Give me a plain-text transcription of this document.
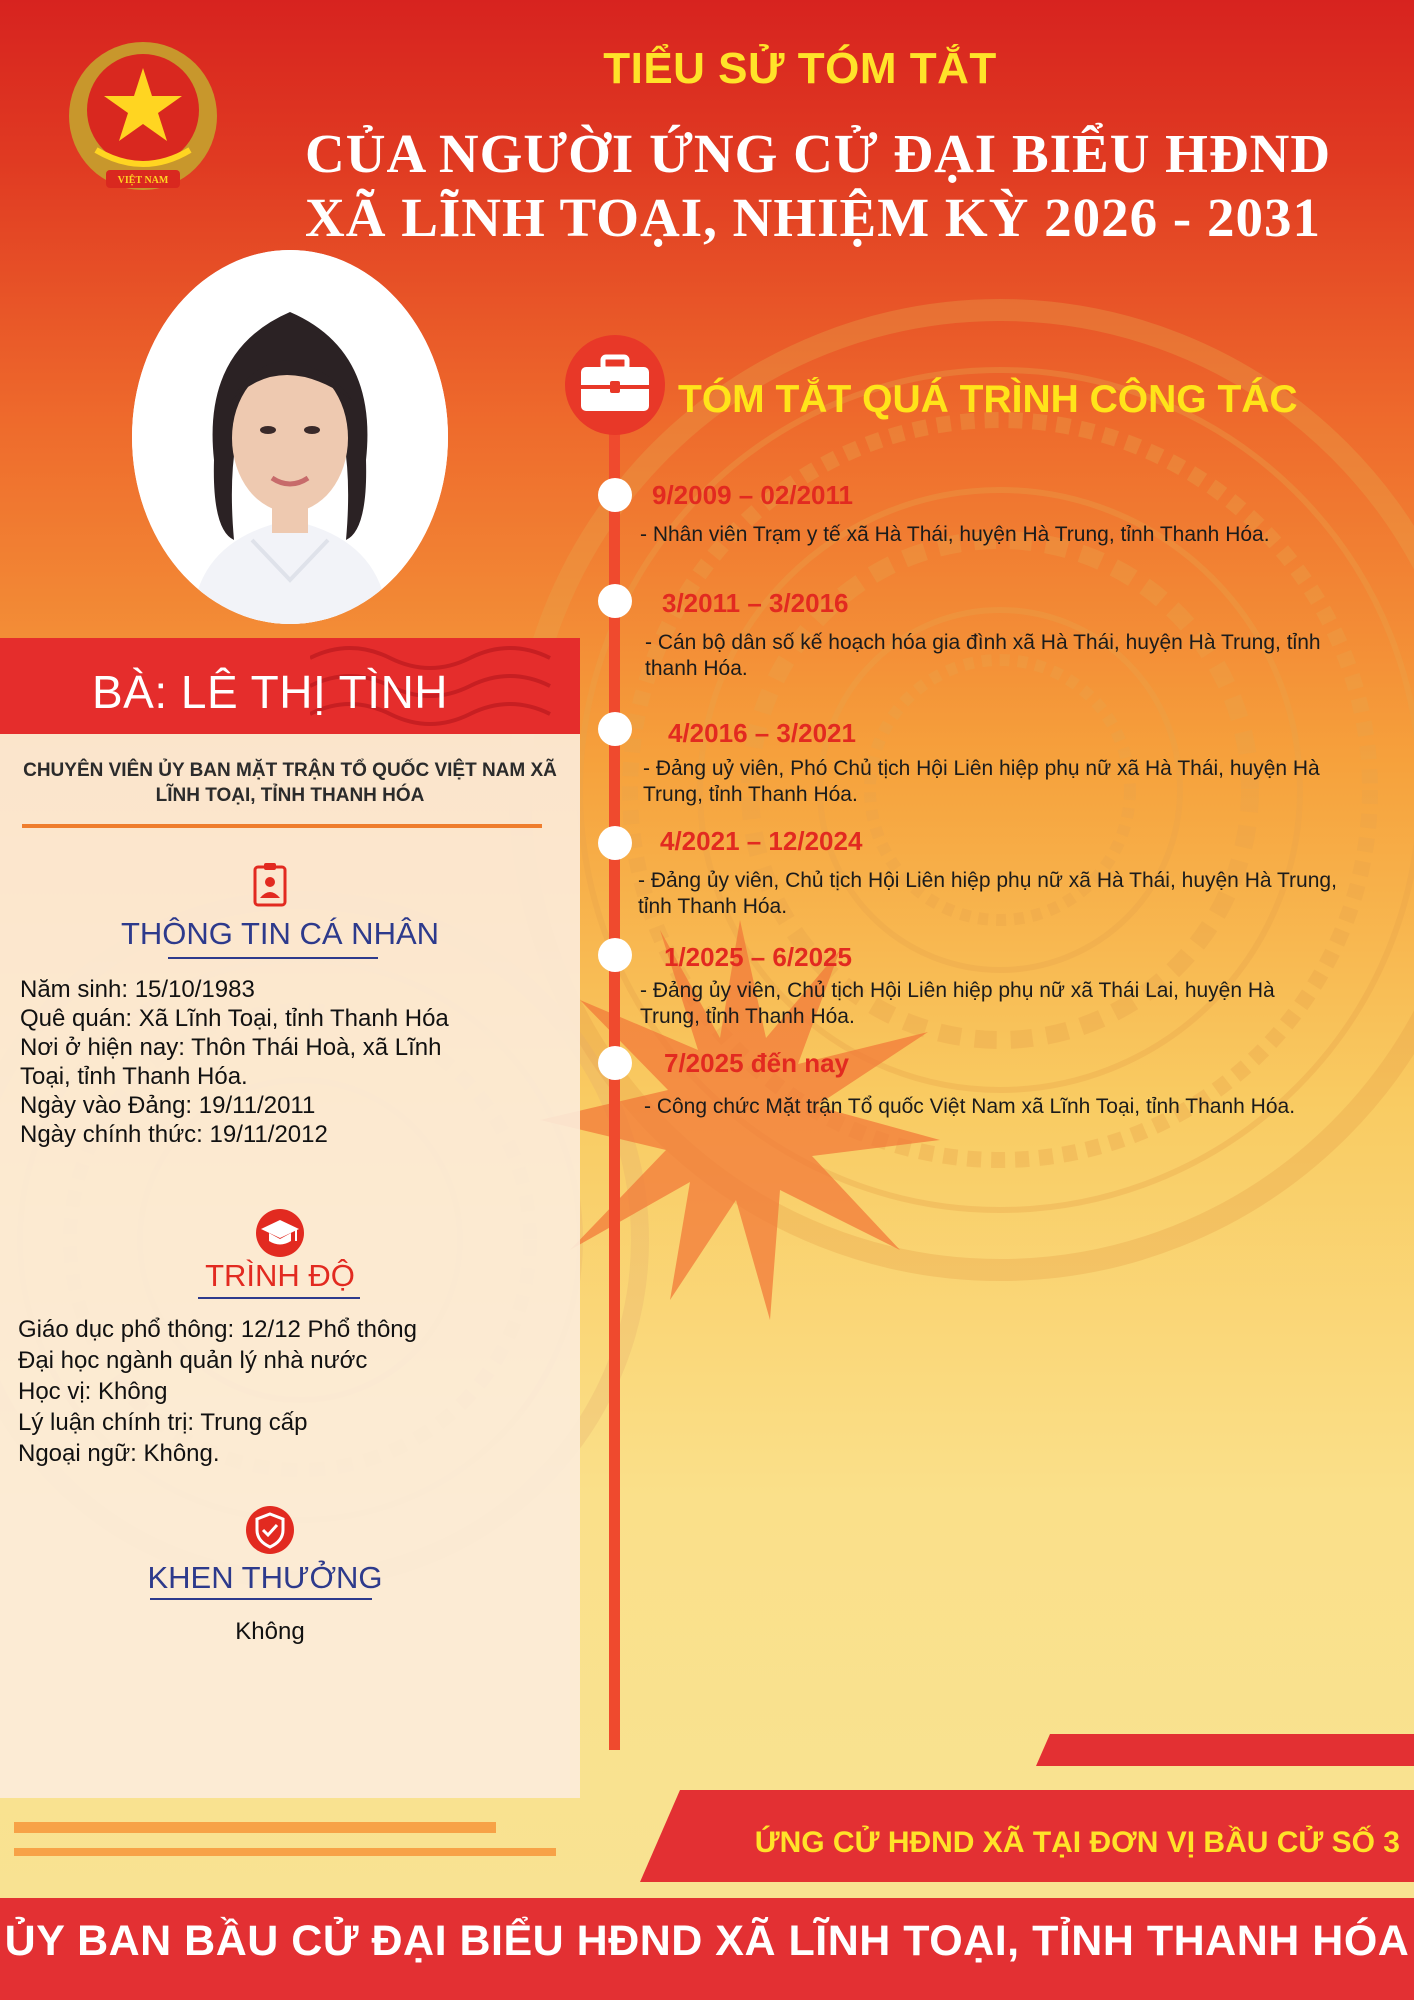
VIỆT NAM
TIỂU SỬ TÓM TẮT
CỦA NGƯỜI ỨNG CỬ ĐẠI BIỂU HĐND
XÃ LĨNH TOẠI, NHIỆM KỲ 2026 - 2031
BÀ: LÊ THỊ TÌNH
CHUYÊN VIÊN ỦY BAN MẶT TRẬN TỔ QUỐC VIỆT NAM XÃ LĨNH TOẠI, TỈNH THANH HÓA
THÔNG TIN CÁ NHÂN
Năm sinh: 15/10/1983
Quê quán: Xã Lĩnh Toại, tỉnh Thanh Hóa
Nơi ở hiện nay: Thôn Thái Hoà, xã Lĩnh
Toại, tỉnh Thanh Hóa.
Ngày vào Đảng: 19/11/2011
Ngày chính thức: 19/11/2012
TRÌNH ĐỘ
Giáo dục phổ thông: 12/12 Phổ thông
Đại học ngành quản lý nhà nước
Học vị: Không
Lý luận chính trị: Trung cấp
Ngoại ngữ: Không.
KHEN THƯỞNG
Không
TÓM TẮT QUÁ TRÌNH CÔNG TÁC
9/2009 – 02/2011
- Nhân viên Trạm y tế xã Hà Thái, huyện Hà Trung, tỉnh Thanh Hóa.
3/2011 – 3/2016
- Cán bộ dân số kế hoạch hóa gia đình xã Hà Thái, huyện Hà Trung, tỉnh thanh Hóa.
4/2016 – 3/2021
- Đảng uỷ viên, Phó Chủ tịch Hội Liên hiệp phụ nữ xã Hà Thái, huyện Hà Trung, tỉnh Thanh Hóa.
4/2021 – 12/2024
- Đảng ủy viên, Chủ tịch Hội Liên hiệp phụ nữ xã Hà Thái, huyện Hà Trung, tỉnh Thanh Hóa.
1/2025 – 6/2025
- Đảng ủy viên, Chủ tịch Hội Liên hiệp phụ nữ xã Thái Lai, huyện Hà Trung, tỉnh Thanh Hóa.
7/2025 đến nay
- Công chức Mặt trận Tổ quốc Việt Nam xã Lĩnh Toại, tỉnh Thanh Hóa.
ỨNG CỬ HĐND XÃ TẠI ĐƠN VỊ BẦU CỬ SỐ 3
ỦY BAN BẦU CỬ ĐẠI BIỂU HĐND XÃ LĨNH TOẠI, TỈNH THANH HÓA
